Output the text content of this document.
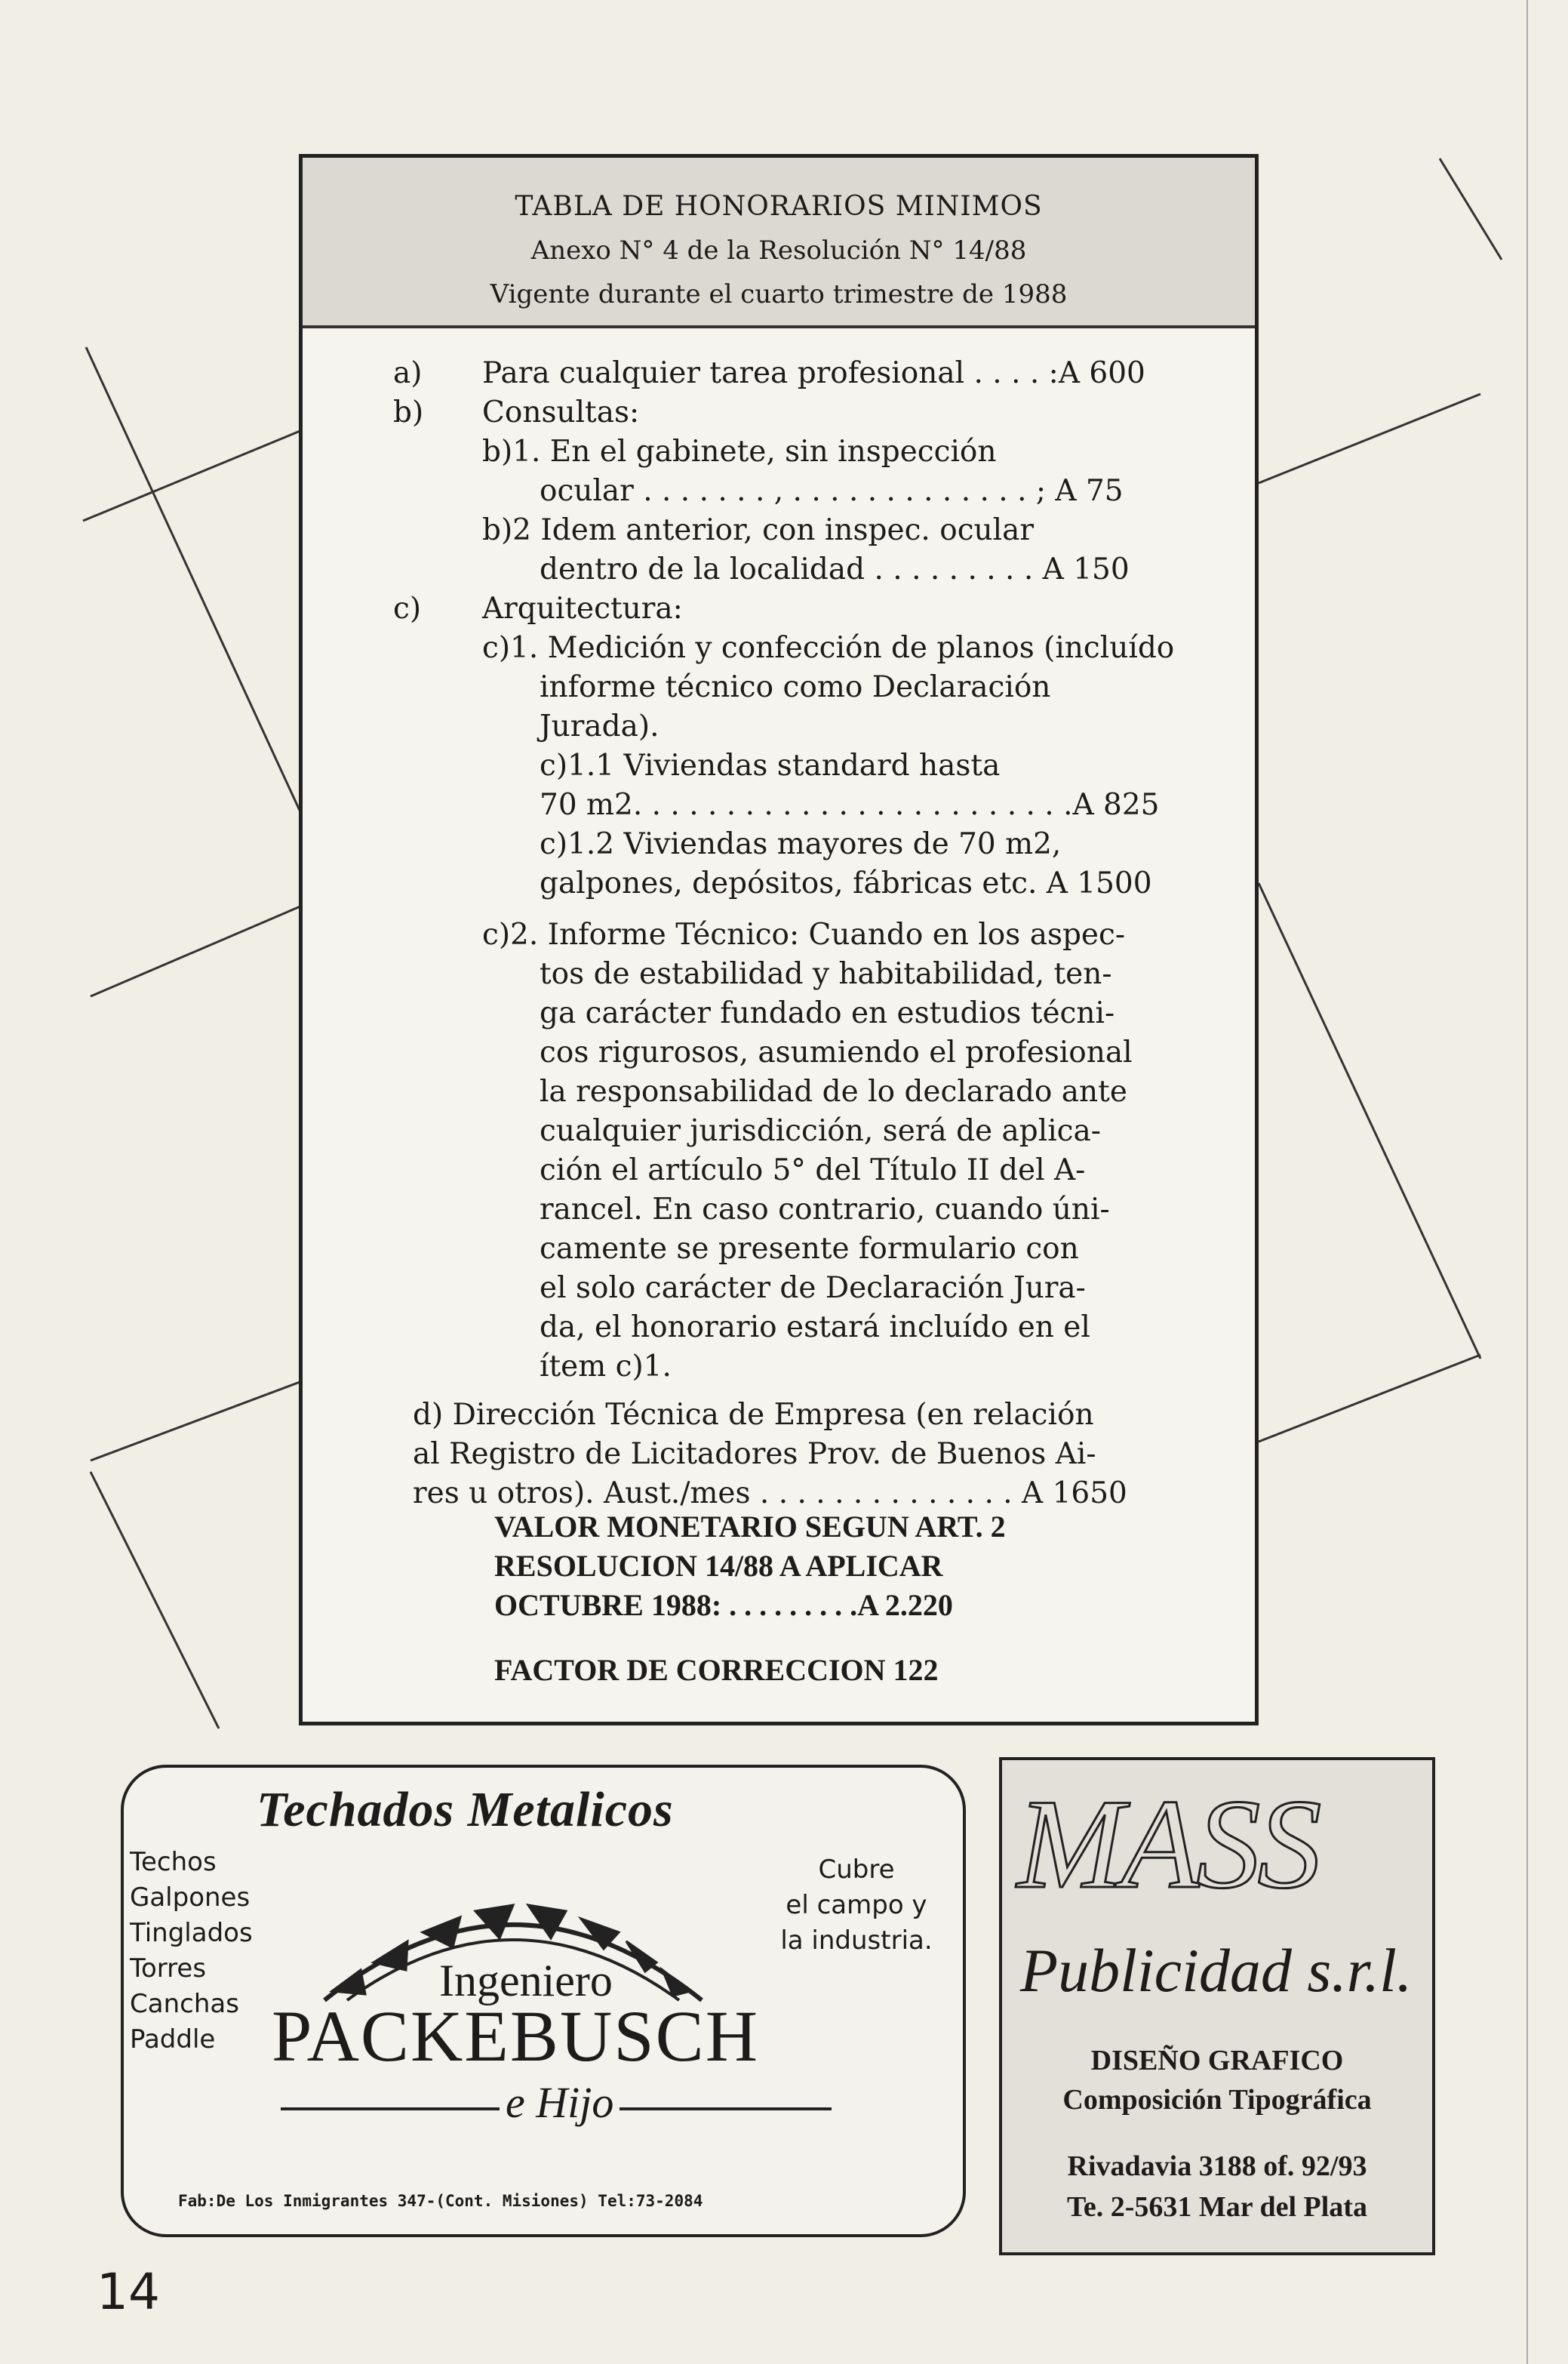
TABLA DE HONORARIOS MINIMOS
Anexo N° 4 de la Resolución N° 14/88
Vigente durante el cuarto trimestre de 1988
a) Para cualquier tarea profesional . . . . :A 600
b) Consultas:
b)1. En el gabinete, sin inspección
ocular . . . . . . . , . . . . . . . . . . . . . ; A 75
b)2 Idem anterior, con inspec. ocular
dentro de la localidad . . . . . . . . . A 150
c) Arquitectura:
c)1. Medición y confección de planos (incluído
informe técnico como Declaración
Jurada).
c)1.1 Viviendas standard hasta
70 m2. . . . . . . . . . . . . . . . . . . . . . . .A 825
c)1.2 Viviendas mayores de 70 m2,
galpones, depósitos, fábricas etc. A 1500
c)2. Informe Técnico: Cuando en los aspec-
tos de estabilidad y habitabilidad, ten-
ga carácter fundado en estudios técni-
cos rigurosos, asumiendo el profesional
la responsabilidad de lo declarado ante
cualquier jurisdicción, será de aplica-
ción el artículo 5° del Título II del A-
rancel. En caso contrario, cuando úni-
camente se presente formulario con
el solo carácter de Declaración Jura-
da, el honorario estará incluído en el
ítem c)1.
d) Dirección Técnica de Empresa (en relación
al Registro de Licitadores Prov. de Buenos Ai-
res u otros). Aust./mes . . . . . . . . . . . . . . A 1650
VALOR MONETARIO SEGUN ART. 2
RESOLUCION 14/88 A APLICAR
OCTUBRE 1988: . . . . . . . . .A 2.220
FACTOR DE CORRECCION 122
Techados Metalicos
Techos
Galpones
Tinglados
Torres
Canchas
Paddle
Cubre
el campo y
la industria.
Ingeniero
PACKEBUSCH
e Hijo
Fab:De Los Inmigrantes 347-(Cont. Misiones) Tel:73-2084
MASS
Publicidad s.r.l.
DISEÑO GRAFICO
Composición Tipográfica
Rivadavia 3188 of. 92/93
Te. 2-5631 Mar del Plata
14
